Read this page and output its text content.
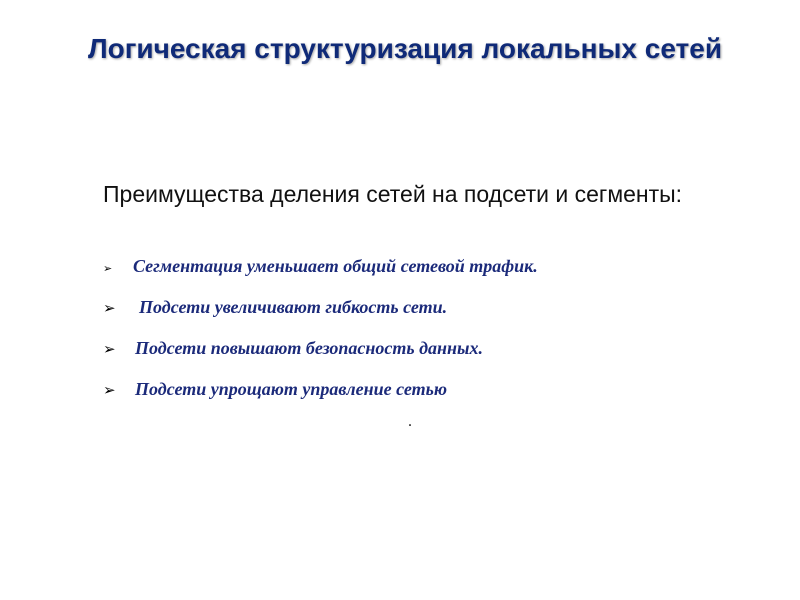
Логическая структуризация локальных сетей
Преимущества деления сетей на подсети и сегменты:
➢	Сегментация уменьшает общий сетевой трафик.
➢	Подсети увеличивают гибкость сети.
➢	Подсети повышают безопасность данных.
➢	Подсети упрощают управление сетью
.
